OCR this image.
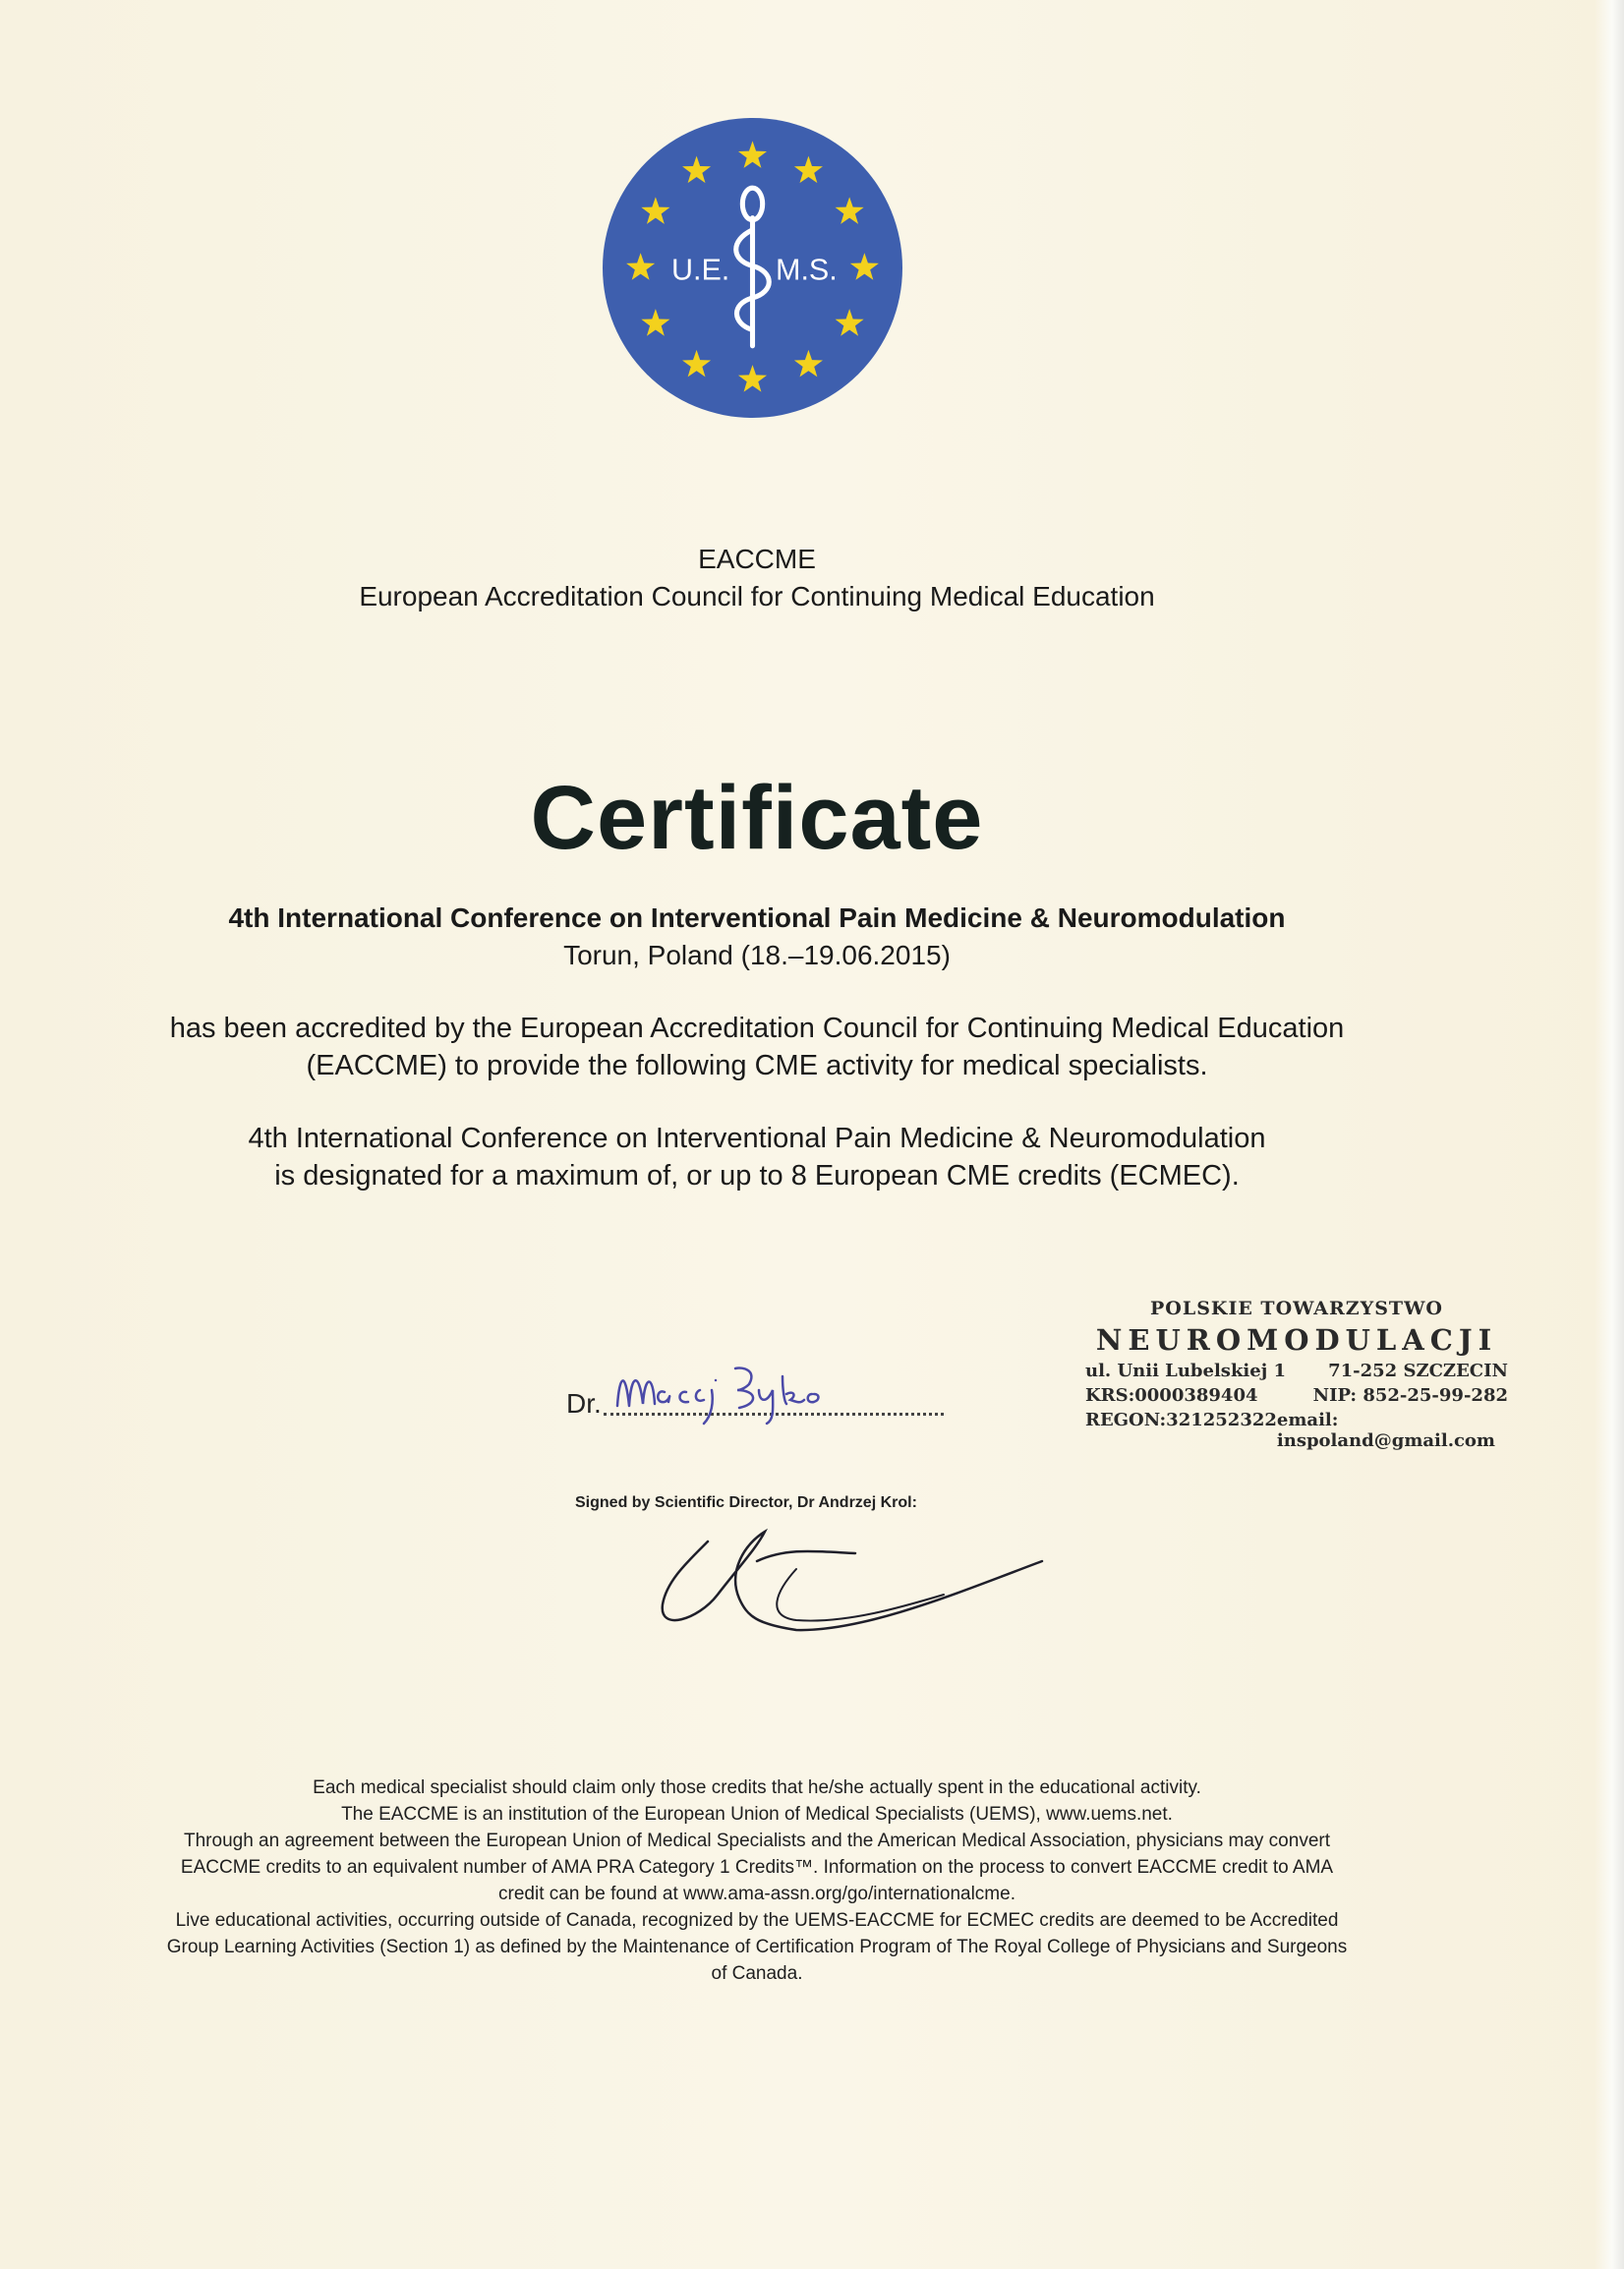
U.E. M.S.
EACCME
European Accreditation Council for Continuing Medical Education
Certificate
4th International Conference on Interventional Pain Medicine & Neuromodulation
Torun, Poland (18.–19.06.2015)
has been accredited by the European Accreditation Council for Continuing Medical Education
(EACCME) to provide the following CME activity for medical specialists.
4th International Conference on Interventional Pain Medicine & Neuromodulation
is designated for a maximum of, or up to 8 European CME credits (ECMEC).
Dr.
POLSKIE TOWARZYSTWO
NEUROMODULACJI
ul. Unii Lubelskiej 1 71-252 SZCZECIN
KRS:0000389404	NIP: 852-25-99-282
REGON:321252322 email: inspoland@gmail.com
Signed by Scientific Director, Dr Andrzej Krol:
Each medical specialist should claim only those credits that he/she actually spent in the educational activity.
The EACCME is an institution of the European Union of Medical Specialists (UEMS), www.uems.net.
Through an agreement between the European Union of Medical Specialists and the American Medical Association, physicians may convert
EACCME credits to an equivalent number of AMA PRA Category 1 Credits™. Information on the process to convert EACCME credit to AMA
credit can be found at www.ama-assn.org/go/internationalcme.
Live educational activities, occurring outside of Canada, recognized by the UEMS-EACCME for ECMEC credits are deemed to be Accredited
Group Learning Activities (Section 1) as defined by the Maintenance of Certification Program of The Royal College of Physicians and Surgeons
of Canada.
